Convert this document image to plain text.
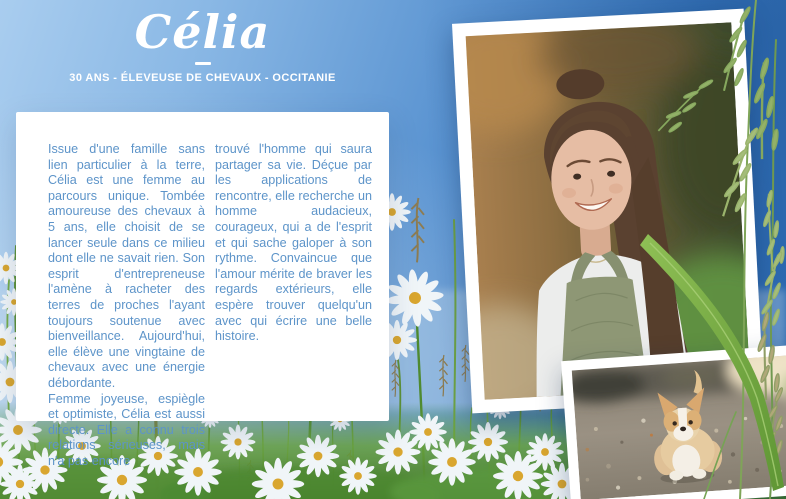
Célia
30 ANS - ÉLEVEUSE DE CHEVAUX - OCCITANIE

Issue d'une famille sans lien particulier à la terre, Célia est une femme au parcours unique. Tombée amoureuse des chevaux à 5 ans, elle choisit de se lancer seule dans ce milieu dont elle ne savait rien. Son esprit d'entrepreneuse l'amène à racheter des terres de proches l'ayant toujours soutenue avec bienveillance. Aujourd'hui, elle élève une vingtaine de chevaux avec une énergie débordante.

Femme joyeuse, espiègle et optimiste, Célia est aussi directe. Elle a connu trois relations sérieuses, mais n'a pas encore

trouvé l'homme qui saura partager sa vie. Déçue par les applications de rencontre, elle recherche un homme audacieux, courageux, qui a de l'esprit et qui sache galoper à son rythme. Convaincue que l'amour mérite de braver les regards extérieurs, elle espère trouver quelqu'un avec qui écrire une belle histoire.
